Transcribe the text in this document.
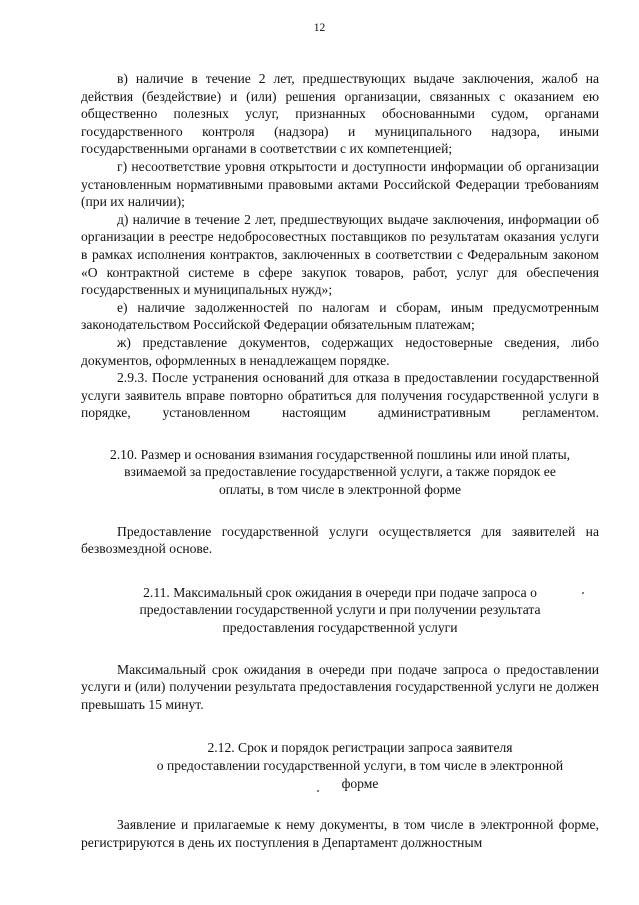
12

в) наличие в течение 2 лет, предшествующих выдаче заключения, жалоб на действия (бездействие) и (или) решения организации, связанных с оказанием ею общественно полезных услуг, признанных обоснованными судом, органами государственного контроля (надзора) и муниципального надзора, иными государственными органами в соответствии с их компетенцией;

г) несоответствие уровня открытости и доступности информации об организации установленным нормативными правовыми актами Российской Федерации требованиям (при их наличии);

д) наличие в течение 2 лет, предшествующих выдаче заключения, информации об организации в реестре недобросовестных поставщиков по результатам оказания услуги в рамках исполнения контрактов, заключенных в соответствии с Федеральным законом «О контрактной системе в сфере закупок товаров, работ, услуг для обеспечения государственных и муниципальных нужд»;

е) наличие задолженностей по налогам и сборам, иным предусмотренным законодательством Российской Федерации обязательным платежам;

ж) представление документов, содержащих недостоверные сведения, либо документов, оформленных в ненадлежащем порядке.

2.9.3. После устранения оснований для отказа в предоставлении государственной услуги заявитель вправе повторно обратиться для получения государственной услуги в порядке, установленном настоящим административным регламентом.

2.10. Размер и основания взимания государственной пошлины или иной платы,
взимаемой за предоставление государственной услуги, а также порядок ее
оплаты, в том числе в электронной форме

Предоставление государственной услуги осуществляется для заявителей на безвозмездной основе.

2.11. Максимальный срок ожидания в очереди при подаче запроса о
предоставлении государственной услуги и при получении результата
предоставления государственной услуги

Максимальный срок ожидания в очереди при подаче запроса о предоставлении услуги и (или) получении результата предоставления государственной услуги не должен превышать 15 минут.

2.12. Срок и порядок регистрации запроса заявителя
о предоставлении государственной услуги, в том числе в электронной
форме

Заявление и прилагаемые к нему документы, в том числе в электронной форме, регистрируются в день их поступления в Департамент должностным
